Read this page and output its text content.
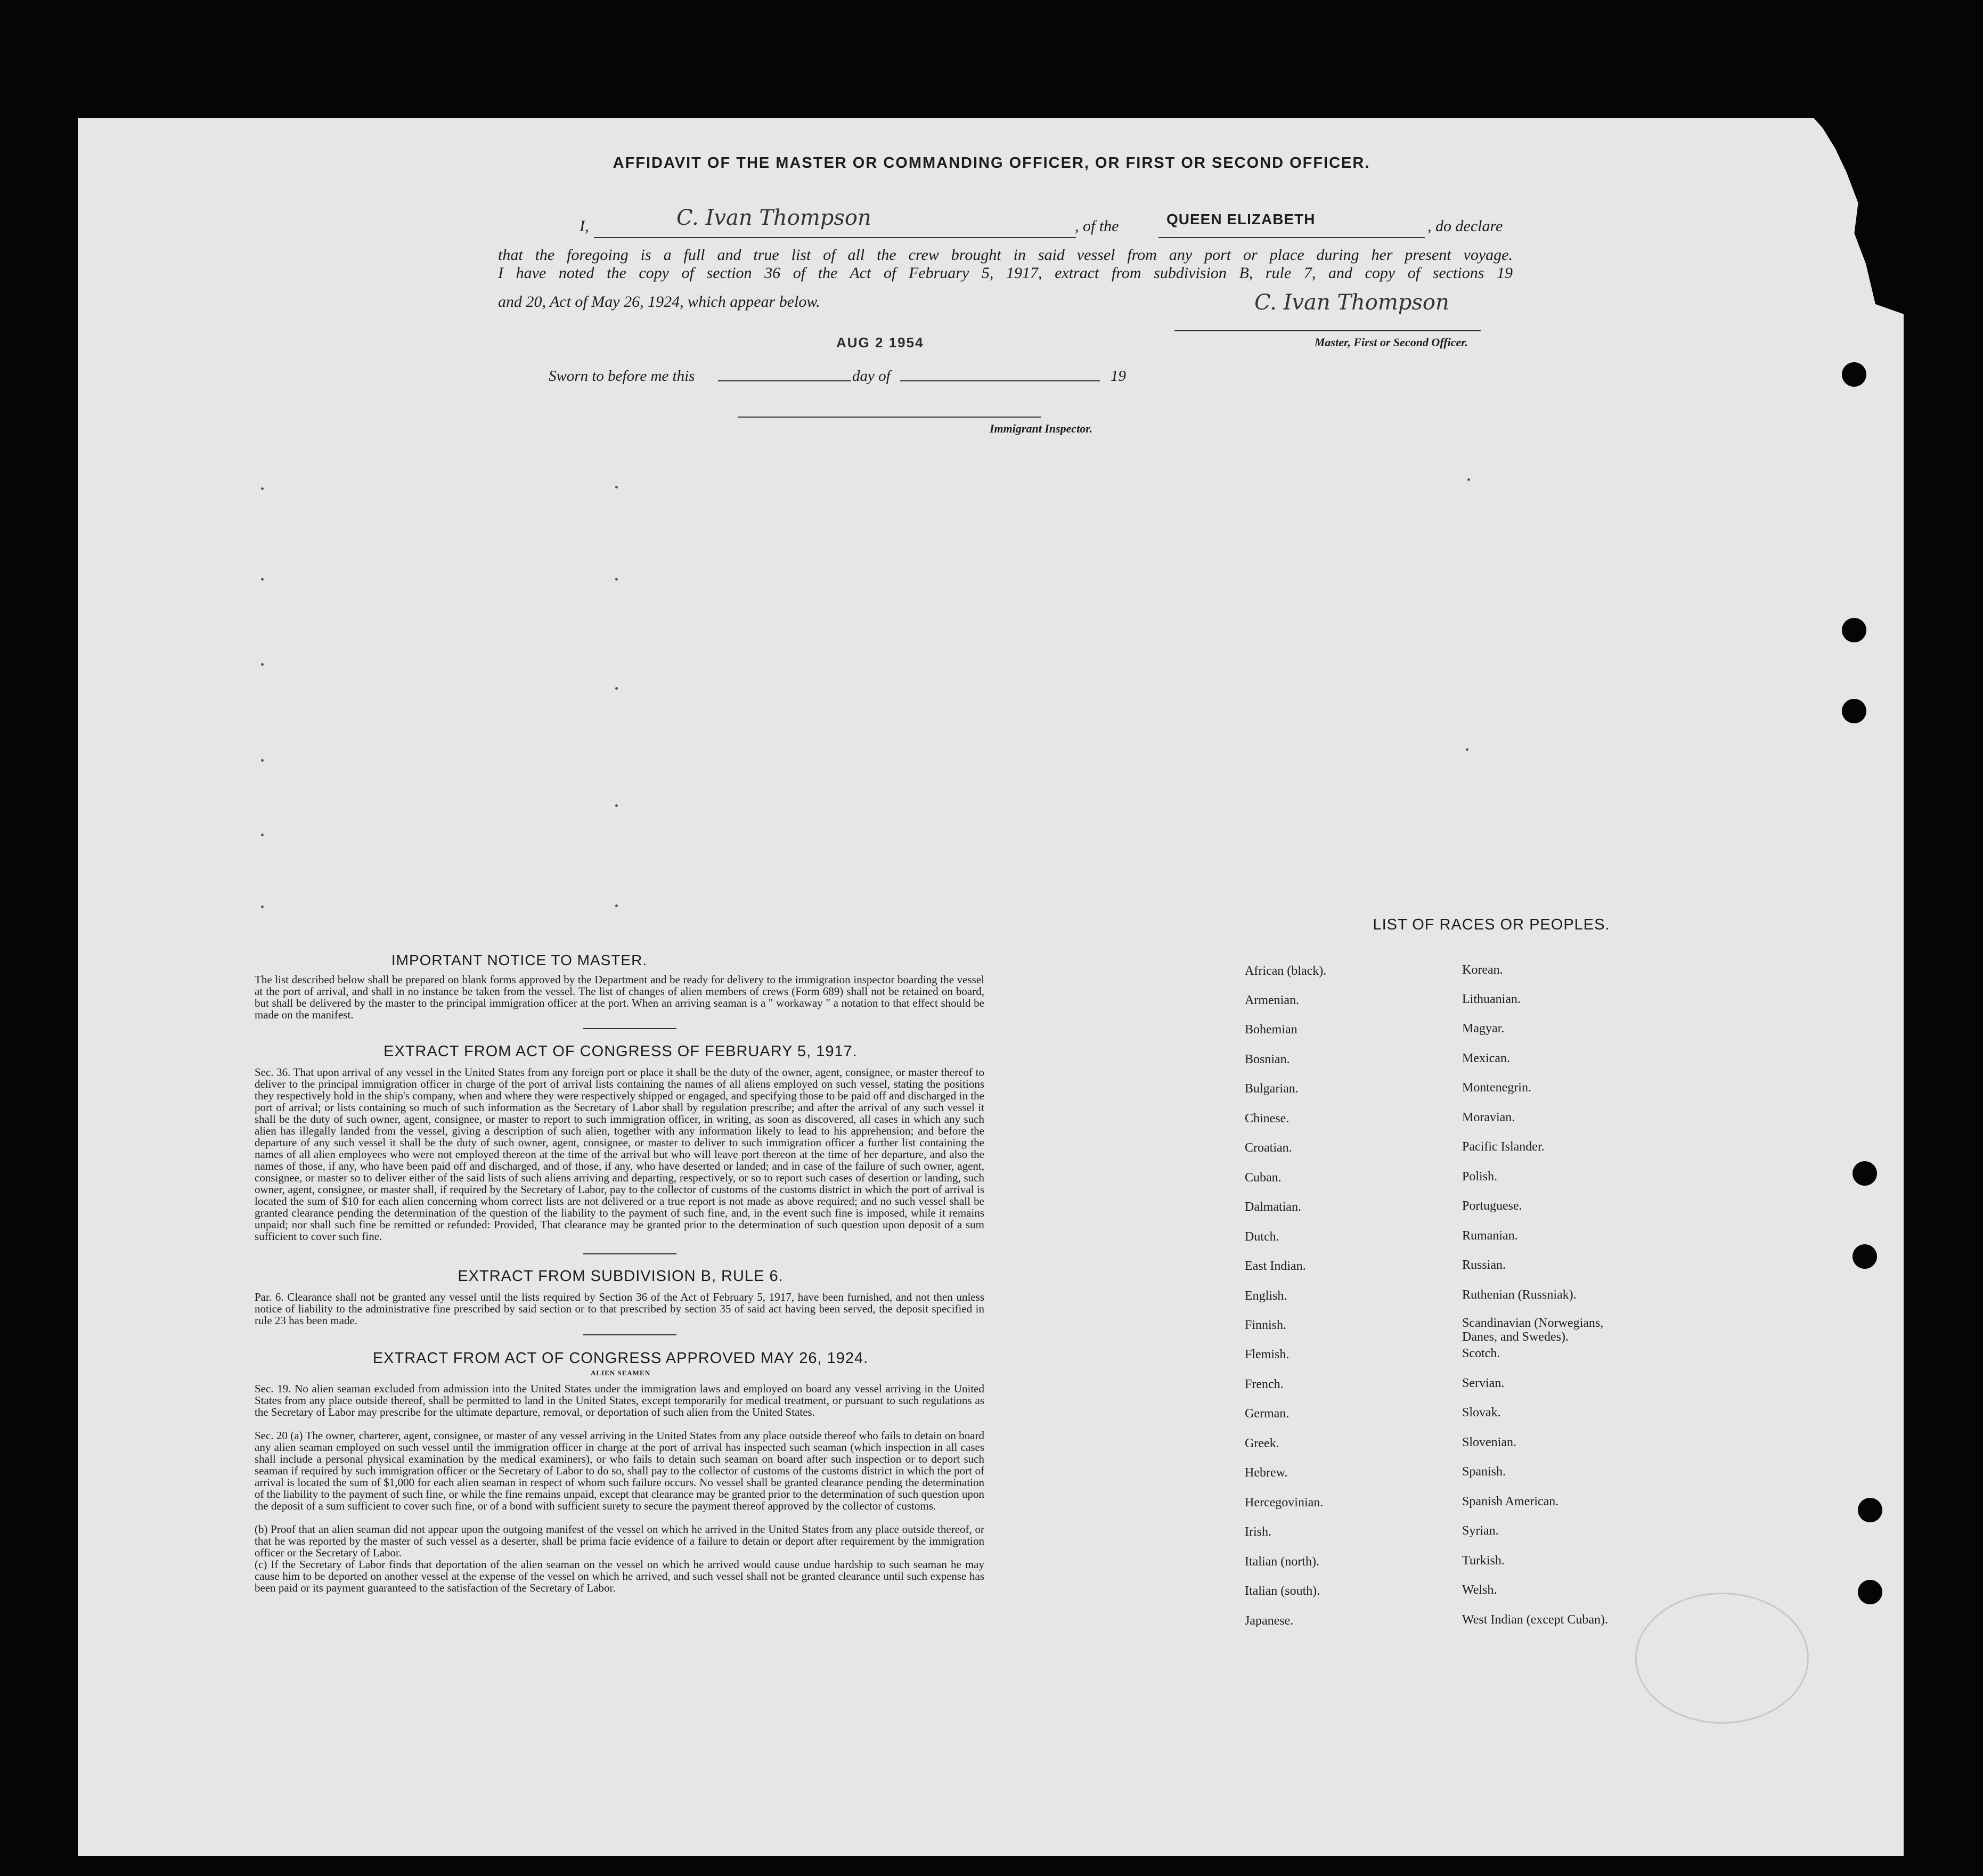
AFFIDAVIT OF THE MASTER OR COMMANDING OFFICER, OR FIRST OR SECOND OFFICER.
I,	C. Ivan Thompson	, of the	QUEEN ELIZABETH	, do declare
that the foregoing is a full and true list of all the crew brought in said vessel from any port or place during her present voyage.
I have noted the copy of section 36 of the Act of February 5, 1917, extract from subdivision B, rule 7, and copy of sections 19
and 20, Act of May 26, 1924, which appear below.	C. Ivan Thompson
Master, First or Second Officer.
AUG 2 1954
Sworn to before me this	day of	19
Immigrant Inspector.
IMPORTANT NOTICE TO MASTER.
The list described below shall be prepared on blank forms approved by the Department and be ready for delivery to the immigration inspector boarding the vessel at the port of arrival, and shall in no instance be taken from the vessel. The list of changes of alien members of crews (Form 689) shall not be retained on board, but shall be delivered by the master to the principal immigration officer at the port. When an arriving seaman is a " workaway " a notation to that effect should be made on the manifest.
EXTRACT FROM ACT OF CONGRESS OF FEBRUARY 5, 1917.
Sec. 36. That upon arrival of any vessel in the United States from any foreign port or place it shall be the duty of the owner, agent, consignee, or master thereof to deliver to the principal immigration officer in charge of the port of arrival lists containing the names of all aliens employed on such vessel, stating the positions they respectively hold in the ship's company, when and where they were respectively shipped or engaged, and specifying those to be paid off and discharged in the port of arrival; or lists containing so much of such information as the Secretary of Labor shall by regulation prescribe; and after the arrival of any such vessel it shall be the duty of such owner, agent, consignee, or master to report to such immigration officer, in writing, as soon as discovered, all cases in which any such alien has illegally landed from the vessel, giving a description of such alien, together with any information likely to lead to his apprehension; and before the departure of any such vessel it shall be the duty of such owner, agent, consignee, or master to deliver to such immigration officer a further list containing the names of all alien employees who were not employed thereon at the time of the arrival but who will leave port thereon at the time of her departure, and also the names of those, if any, who have been paid off and discharged, and of those, if any, who have deserted or landed; and in case of the failure of such owner, agent, consignee, or master so to deliver either of the said lists of such aliens arriving and departing, respectively, or so to report such cases of desertion or landing, such owner, agent, consignee, or master shall, if required by the Secretary of Labor, pay to the collector of customs of the customs district in which the port of arrival is located the sum of $10 for each alien concerning whom correct lists are not delivered or a true report is not made as above required; and no such vessel shall be granted clearance pending the determination of the question of the liability to the payment of such fine, and, in the event such fine is imposed, while it remains unpaid; nor shall such fine be remitted or refunded: Provided, That clearance may be granted prior to the determination of such question upon deposit of a sum sufficient to cover such fine.
EXTRACT FROM SUBDIVISION B, RULE 6.
Par. 6. Clearance shall not be granted any vessel until the lists required by Section 36 of the Act of February 5, 1917, have been furnished, and not then unless notice of liability to the administrative fine prescribed by said section or to that prescribed by section 35 of said act having been served, the deposit specified in rule 23 has been made.
EXTRACT FROM ACT OF CONGRESS APPROVED MAY 26, 1924.
ALIEN SEAMEN
Sec. 19. No alien seaman excluded from admission into the United States under the immigration laws and employed on board any vessel arriving in the United States from any place outside thereof, shall be permitted to land in the United States, except temporarily for medical treatment, or pursuant to such regulations as the Secretary of Labor may prescribe for the ultimate departure, removal, or deportation of such alien from the United States.
Sec. 20 (a) The owner, charterer, agent, consignee, or master of any vessel arriving in the United States from any place outside thereof who fails to detain on board any alien seaman employed on such vessel until the immigration officer in charge at the port of arrival has inspected such seaman (which inspection in all cases shall include a personal physical examination by the medical examiners), or who fails to detain such seaman on board after such inspection or to deport such seaman if required by such immigration officer or the Secretary of Labor to do so, shall pay to the collector of customs of the customs district in which the port of arrival is located the sum of $1,000 for each alien seaman in respect of whom such failure occurs. No vessel shall be granted clearance pending the determination of the liability to the payment of such fine, or while the fine remains unpaid, except that clearance may be granted prior to the determination of such question upon the deposit of a sum sufficient to cover such fine, or of a bond with sufficient surety to secure the payment thereof approved by the collector of customs.
(b) Proof that an alien seaman did not appear upon the outgoing manifest of the vessel on which he arrived in the United States from any place outside thereof, or that he was reported by the master of such vessel as a deserter, shall be prima facie evidence of a failure to detain or deport after requirement by the immigration officer or the Secretary of Labor.
(c) If the Secretary of Labor finds that deportation of the alien seaman on the vessel on which he arrived would cause undue hardship to such seaman he may cause him to be deported on another vessel at the expense of the vessel on which he arrived, and such vessel shall not be granted clearance until such expense has been paid or its payment guaranteed to the satisfaction of the Secretary of Labor.
LIST OF RACES OR PEOPLES.
African (black).
Armenian.
Bohemian
Bosnian.
Bulgarian.
Chinese.
Croatian.
Cuban.
Dalmatian.
Dutch.
East Indian.
English.
Finnish.
Flemish.
French.
German.
Greek.
Hebrew.
Hercegovinian.
Irish.
Italian (north).
Italian (south).
Japanese.
Korean.
Lithuanian.
Magyar.
Mexican.
Montenegrin.
Moravian.
Pacific Islander.
Polish.
Portuguese.
Rumanian.
Russian.
Ruthenian (Russniak).
Scandinavian (Norwegians, Danes, and Swedes).
Scotch.
Servian.
Slovak.
Slovenian.
Spanish.
Spanish American.
Syrian.
Turkish.
Welsh.
West Indian (except Cuban).
